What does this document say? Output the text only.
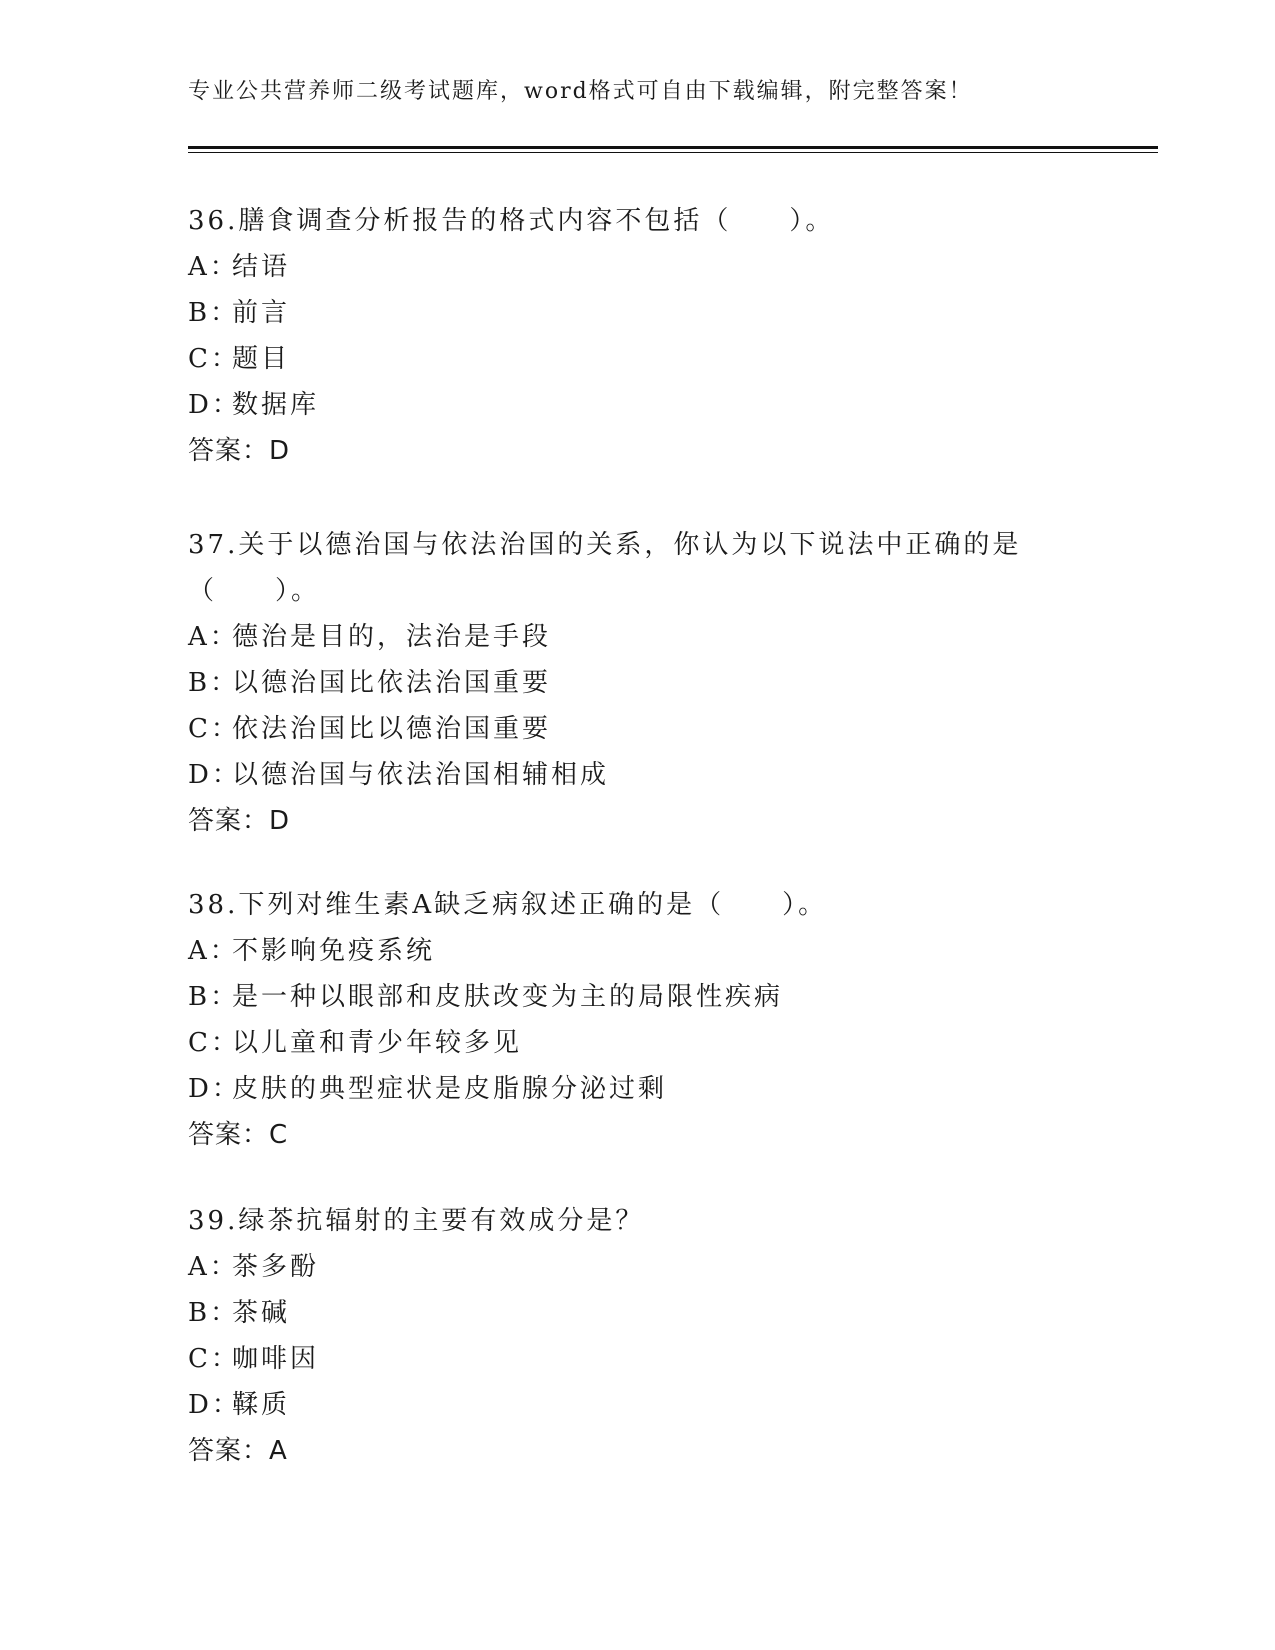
专业公共营养师二级考试题库，word格式可自由下载编辑，附完整答案！

36.膳食调查分析报告的格式内容不包括（　　）。

A：结语

B：前言

C：题目

D：数据库

答案：D

37.关于以德治国与依法治国的关系，你认为以下说法中正确的是（　　）。

A：德治是目的，法治是手段

B：以德治国比依法治国重要

C：依法治国比以德治国重要

D：以德治国与依法治国相辅相成

答案：D

38.下列对维生素A缺乏病叙述正确的是（　　）。

A：不影响免疫系统

B：是一种以眼部和皮肤改变为主的局限性疾病

C：以儿童和青少年较多见

D：皮肤的典型症状是皮脂腺分泌过剩

答案：C

39.绿茶抗辐射的主要有效成分是？

A：茶多酚

B：茶碱

C：咖啡因

D：鞣质

答案：A
